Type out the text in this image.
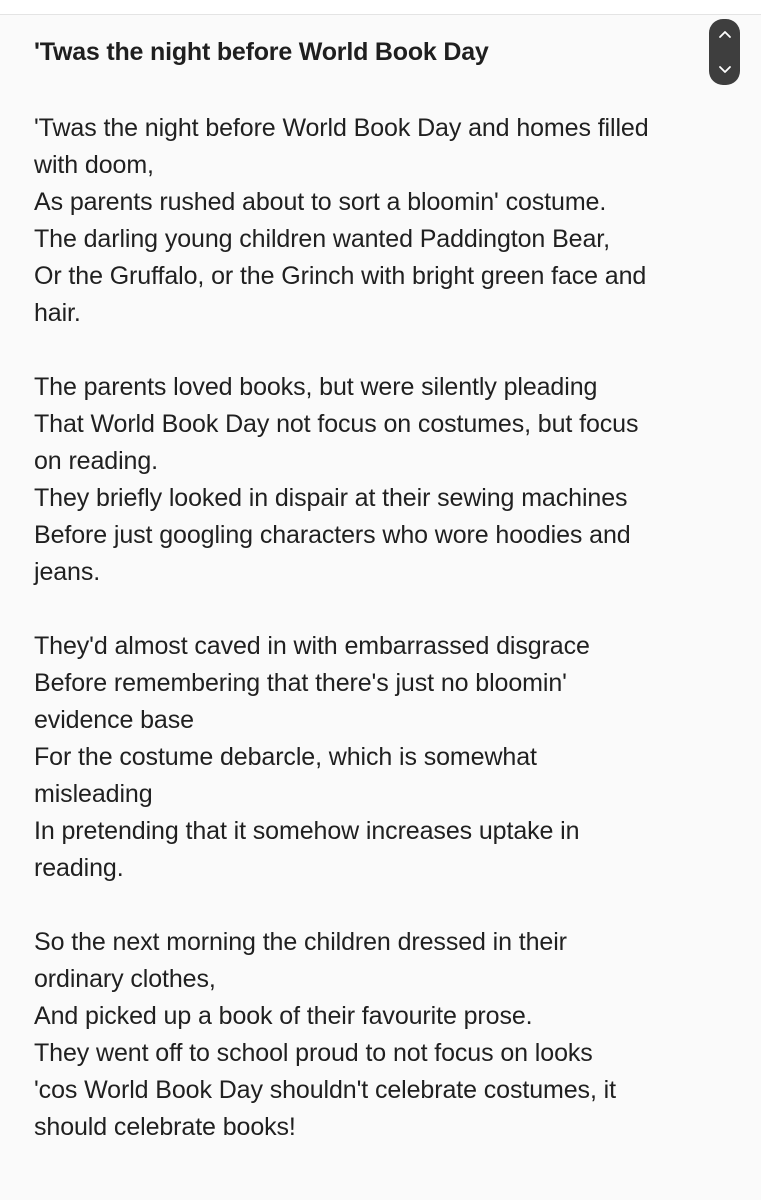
'Twas the night before World Book Day
'Twas the night before World Book Day and homes filled
with doom,
As parents rushed about to sort a bloomin' costume.
The darling young children wanted Paddington Bear,
Or the Gruffalo, or the Grinch with bright green face and
hair.
The parents loved books, but were silently pleading
That World Book Day not focus on costumes, but focus
on reading.
They briefly looked in dispair at their sewing machines
Before just googling characters who wore hoodies and
jeans.
They'd almost caved in with embarrassed disgrace
Before remembering that there's just no bloomin'
evidence base
For the costume debarcle, which is somewhat
misleading
In pretending that it somehow increases uptake in
reading.
So the next morning the children dressed in their
ordinary clothes,
And picked up a book of their favourite prose.
They went off to school proud to not focus on looks
'cos World Book Day shouldn't celebrate costumes, it
should celebrate books!
